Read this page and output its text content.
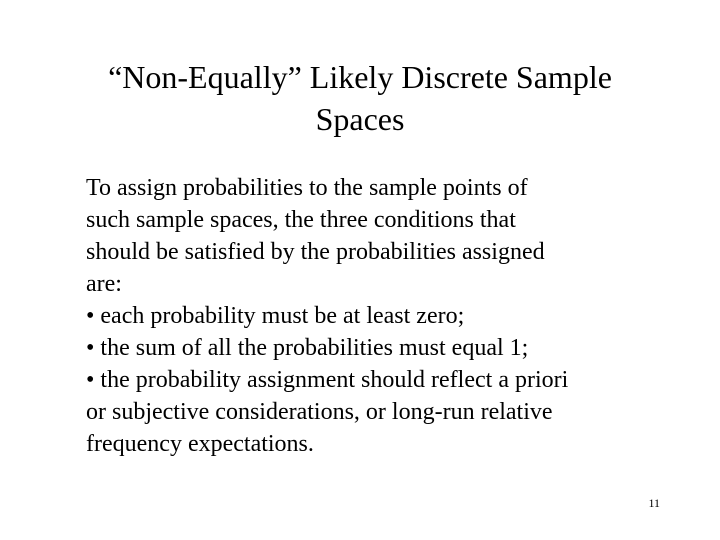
“Non-Equally” Likely Discrete Sample
Spaces
To assign probabilities to the sample points of
such sample spaces, the three conditions that
should be satisfied by the probabilities assigned
are:
• each probability must be at least zero;
• the sum of all the probabilities must equal 1;
• the probability assignment should reflect a priori
or subjective considerations, or long-run relative
frequency expectations.
11
